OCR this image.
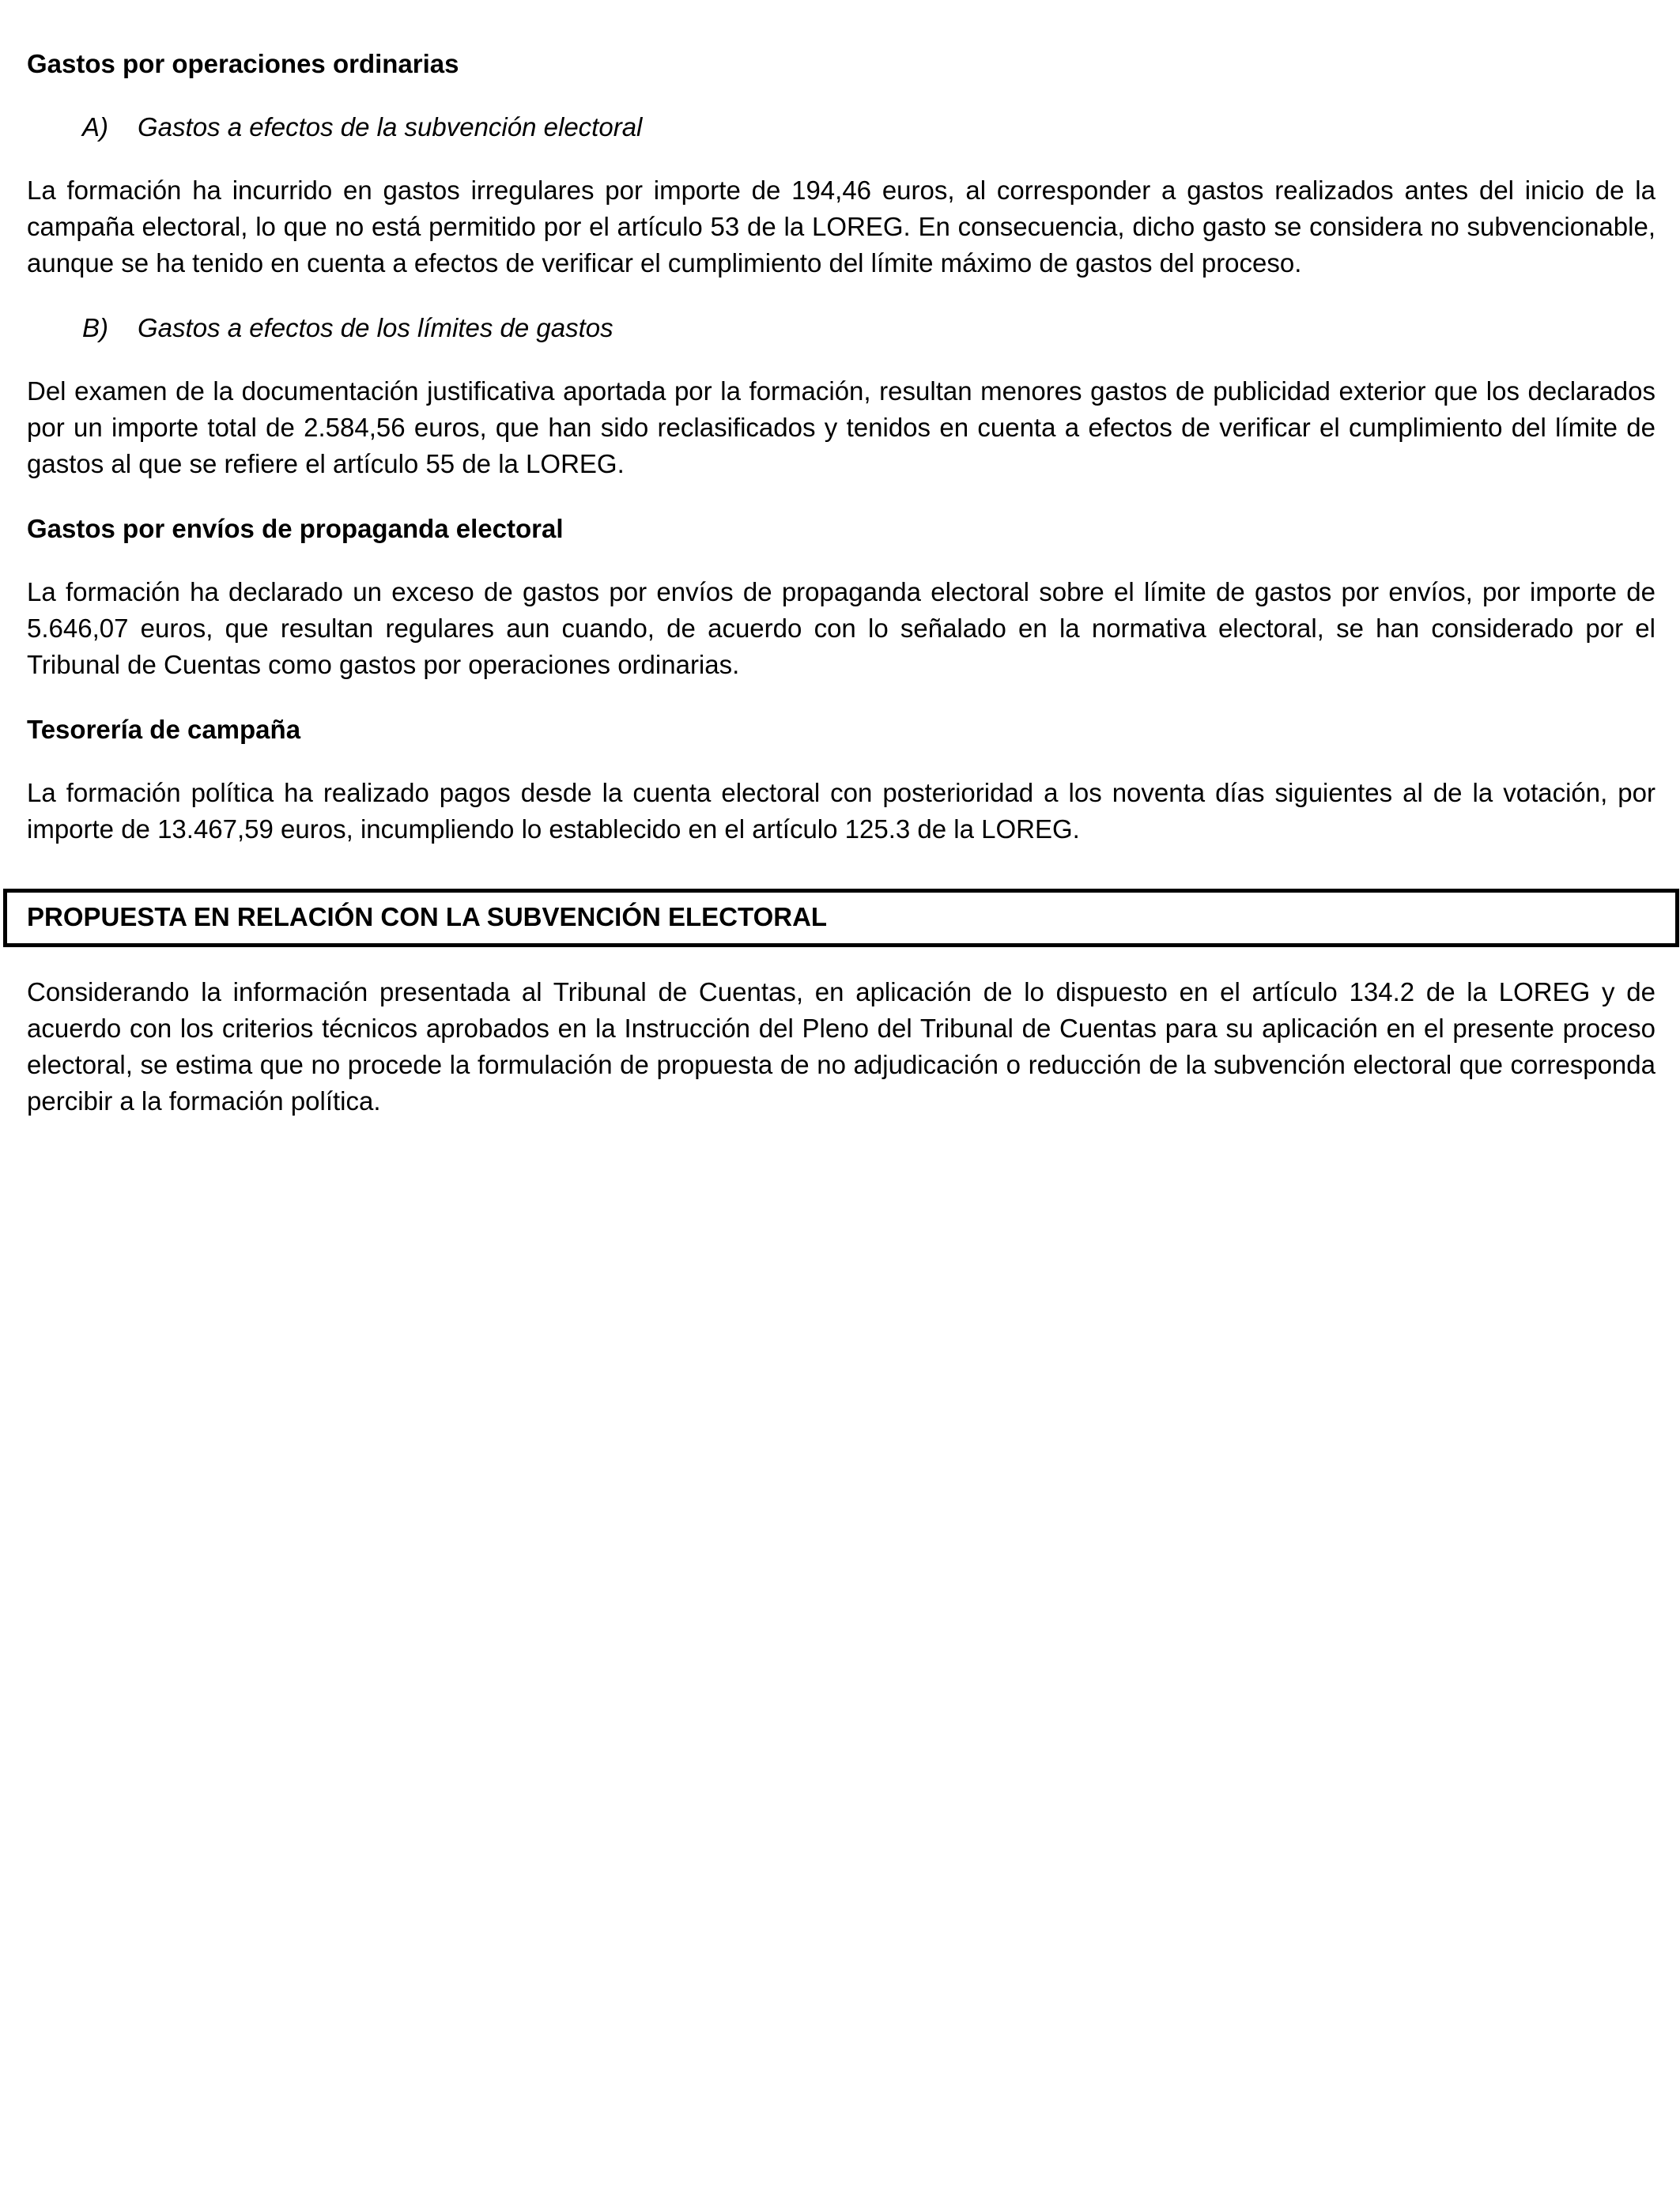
Gastos por operaciones ordinarias
A)	Gastos a efectos de la subvención electoral
La formación ha incurrido en gastos irregulares por importe de 194,46 euros, al corresponder a gastos realizados antes del inicio de la campaña electoral, lo que no está permitido por el artículo 53 de la LOREG. En consecuencia, dicho gasto se considera no subvencionable, aunque se ha tenido en cuenta a efectos de verificar el cumplimiento del límite máximo de gastos del proceso.
B)	Gastos a efectos de los límites de gastos
Del examen de la documentación justificativa aportada por la formación, resultan menores gastos de publicidad exterior que los declarados por un importe total de 2.584,56 euros, que han sido reclasificados y tenidos en cuenta a efectos de verificar el cumplimiento del límite de gastos al que se refiere el artículo 55 de la LOREG.
Gastos por envíos de propaganda electoral
La formación ha declarado un exceso de gastos por envíos de propaganda electoral sobre el límite de gastos por envíos, por importe de 5.646,07 euros, que resultan regulares aun cuando, de acuerdo con lo señalado en la normativa electoral, se han considerado por el Tribunal de Cuentas como gastos por operaciones ordinarias.
Tesorería de campaña
La formación política ha realizado pagos desde la cuenta electoral con posterioridad a los noventa días siguientes al de la votación, por importe de 13.467,59 euros, incumpliendo lo establecido en el artículo 125.3 de la LOREG.
PROPUESTA EN RELACIÓN CON LA SUBVENCIÓN ELECTORAL
Considerando la información presentada al Tribunal de Cuentas, en aplicación de lo dispuesto en el artículo 134.2 de la LOREG y de acuerdo con los criterios técnicos aprobados en la Instrucción del Pleno del Tribunal de Cuentas para su aplicación en el presente proceso electoral, se estima que no procede la formulación de propuesta de no adjudicación o reducción de la subvención electoral que corresponda percibir a la formación política.
